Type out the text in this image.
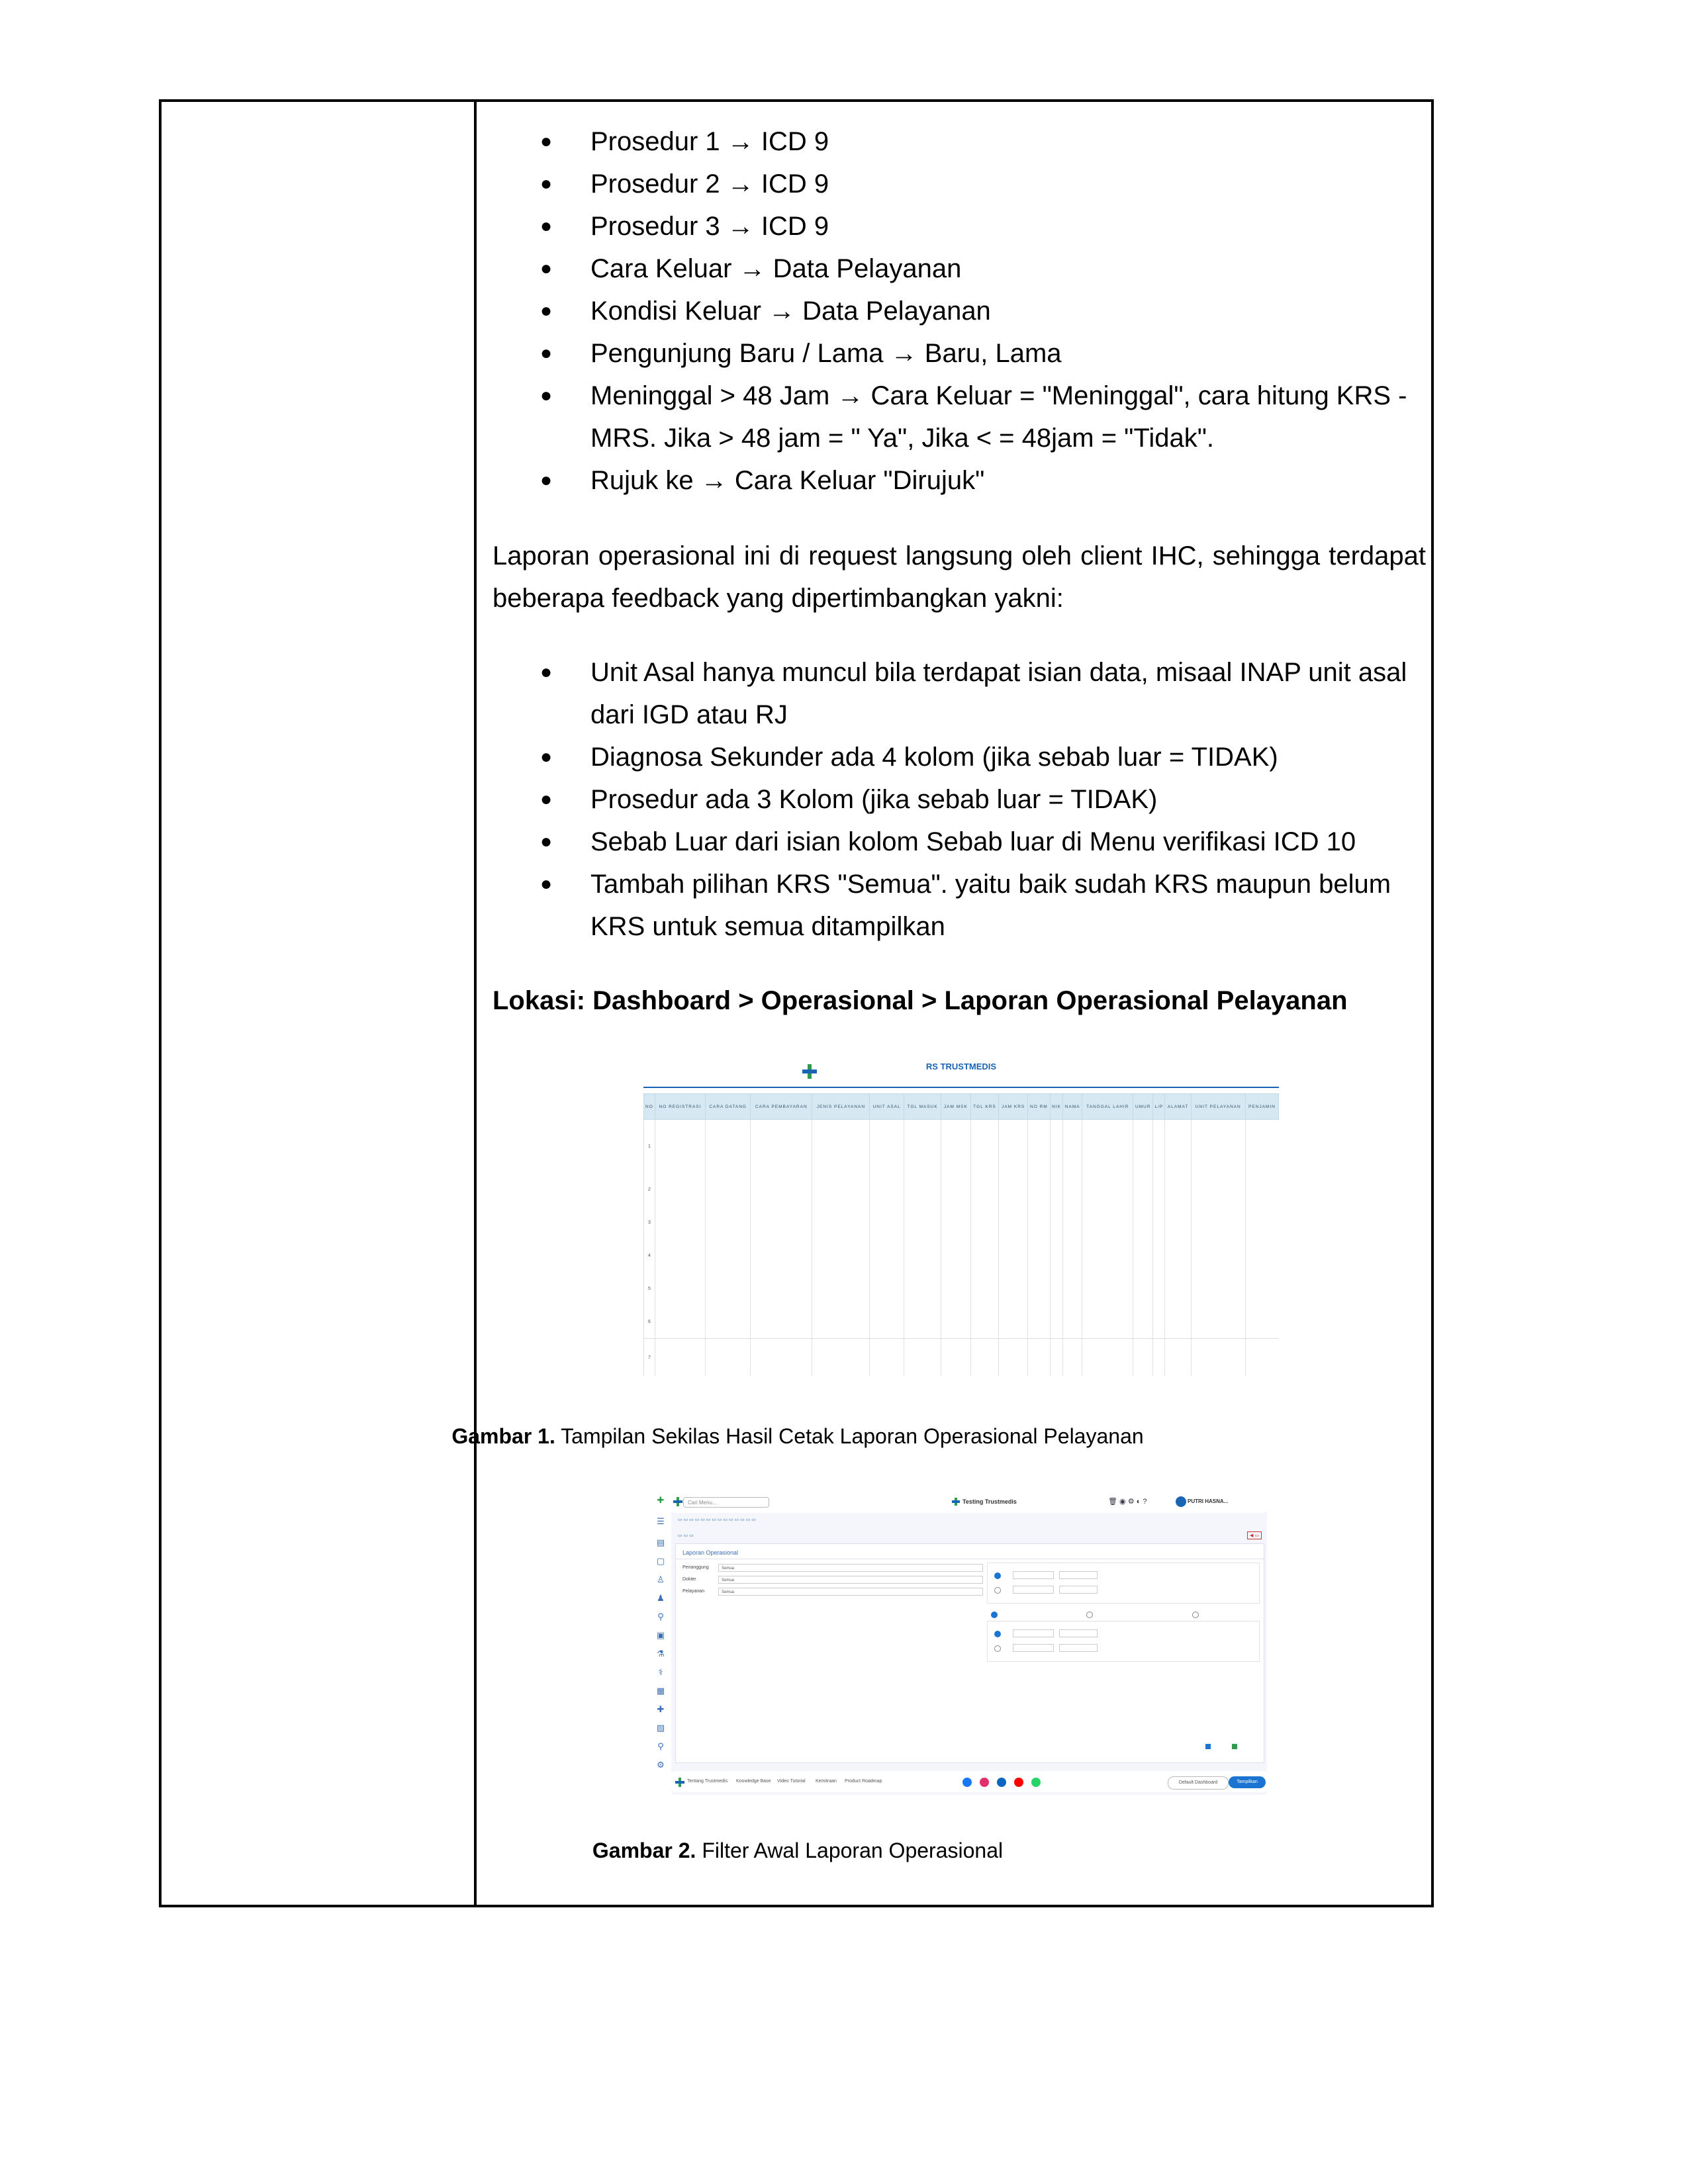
● Prosedur 1 → ICD 9
● Prosedur 2 → ICD 9
● Prosedur 3 → ICD 9
● Cara Keluar → Data Pelayanan
● Kondisi Keluar → Data Pelayanan
● Pengunjung Baru / Lama → Baru, Lama
● Meninggal > 48 Jam → Cara Keluar = "Meninggal", cara hitung KRS - MRS. Jika > 48 jam = " Ya", Jika < = 48jam = "Tidak".
● Rujuk ke → Cara Keluar "Dirujuk"

Laporan operasional ini di request langsung oleh client IHC, sehingga terdapat beberapa feedback yang dipertimbangkan yakni:

● Unit Asal hanya muncul bila terdapat isian data, misaal INAP unit asal dari IGD atau RJ
● Diagnosa Sekunder ada 4 kolom (jika sebab luar = TIDAK)
● Prosedur ada 3 Kolom (jika sebab luar = TIDAK)
● Sebab Luar dari isian kolom Sebab luar di Menu verifikasi ICD 10
● Tambah pilihan KRS "Semua". yaitu baik sudah KRS maupun belum KRS untuk semua ditampilkan
Lokasi: Dashboard > Operasional > Laporan Operasional Pelayanan
RS TRUSTMEDIS
NO	NO REGISTRASI	CARA DATANG	CARA PEMBAYARAN	JENIS PELAYANAN	UNIT ASAL	TGL MASUK	JAM MSK	TGL KRS	JAM KRS	NO RM	NIK	NAMA	TANGGAL LAHIR	UMUR	L/P	ALAMAT	UNIT PELAYANAN	PENJAMIN
1																		
2																		
3																		
4																		
5																		
6																		
7																		
Gambar 1. Tampilan Sekilas Hasil Cetak Laporan Operasional Pelayanan
✚
☰
▤
▢
♙
♟
⚲
▣
⚗
⚕
▦
✚
▧
⚲
⚙
Cari Menu...	Testing Trustmedis	🗑 ◉ ⚙ ◐ ?	PUTRI HASNA...
▭ ▭ ▭ ▭ ▭ ▭ ▭ ▭ ▭ ▭ ▭ ▭ ▭ ▭
▭ ▭ ▭	◀ ▭
Laporan Operasional
Penanggung	Semua
Dokter	Semua
Pelayanan	Semua
Tentang Trustmedis Knowledge Base Video Tutorial Kemitraan Product Roadmap	Default Dashboard	Tampilkan
Gambar 2. Filter Awal Laporan Operasional
